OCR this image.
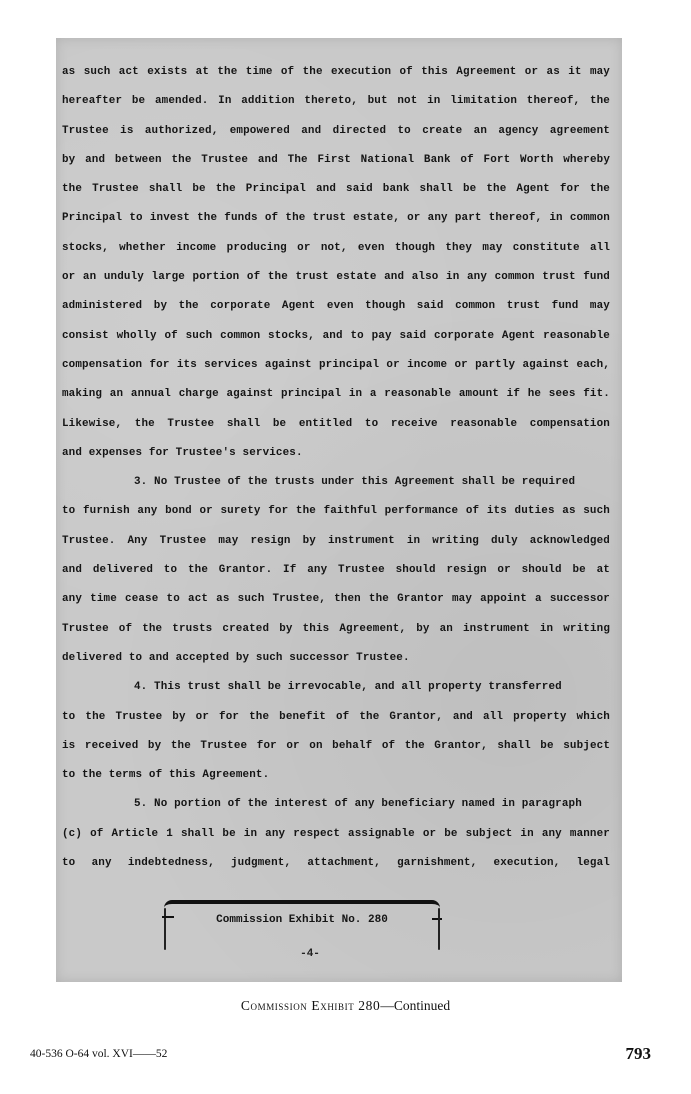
as such act exists at the time of the execution of this Agreement or as it may
hereafter be amended. In addition thereto, but not in limitation thereof, the
Trustee is authorized, empowered and directed to create an agency agreement
by and between the Trustee and The First National Bank of Fort Worth whereby
the Trustee shall be the Principal and said bank shall be the Agent for the
Principal to invest the funds of the trust estate, or any part thereof, in common
stocks, whether income producing or not, even though they may constitute all
or an unduly large portion of the trust estate and also in any common trust fund
administered by the corporate Agent even though said common trust fund may
consist wholly of such common stocks, and to pay said corporate Agent reasonable
compensation for its services against principal or income or partly against each,
making an annual charge against principal in a reasonable amount if he sees fit.
Likewise, the Trustee shall be entitled to receive reasonable compensation
and expenses for Trustee's services.
3. No Trustee of the trusts under this Agreement shall be required
to furnish any bond or surety for the faithful performance of its duties as such
Trustee. Any Trustee may resign by instrument in writing duly acknowledged
and delivered to the Grantor. If any Trustee should resign or should be at
any time cease to act as such Trustee, then the Grantor may appoint a successor
Trustee of the trusts created by this Agreement, by an instrument in writing
delivered to and accepted by such successor Trustee.
4. This trust shall be irrevocable, and all property transferred
to the Trustee by or for the benefit of the Grantor, and all property which
is received by the Trustee for or on behalf of the Grantor, shall be subject
to the terms of this Agreement.
5. No portion of the interest of any beneficiary named in paragraph
(c) of Article 1 shall be in any respect assignable or be subject in any manner
to any indebtedness, judgment, attachment, garnishment, execution, legal
Commission Exhibit No. 280
-4-
Commission Exhibit 280—Continued
40-536 O-64 vol. XVI——52	793
